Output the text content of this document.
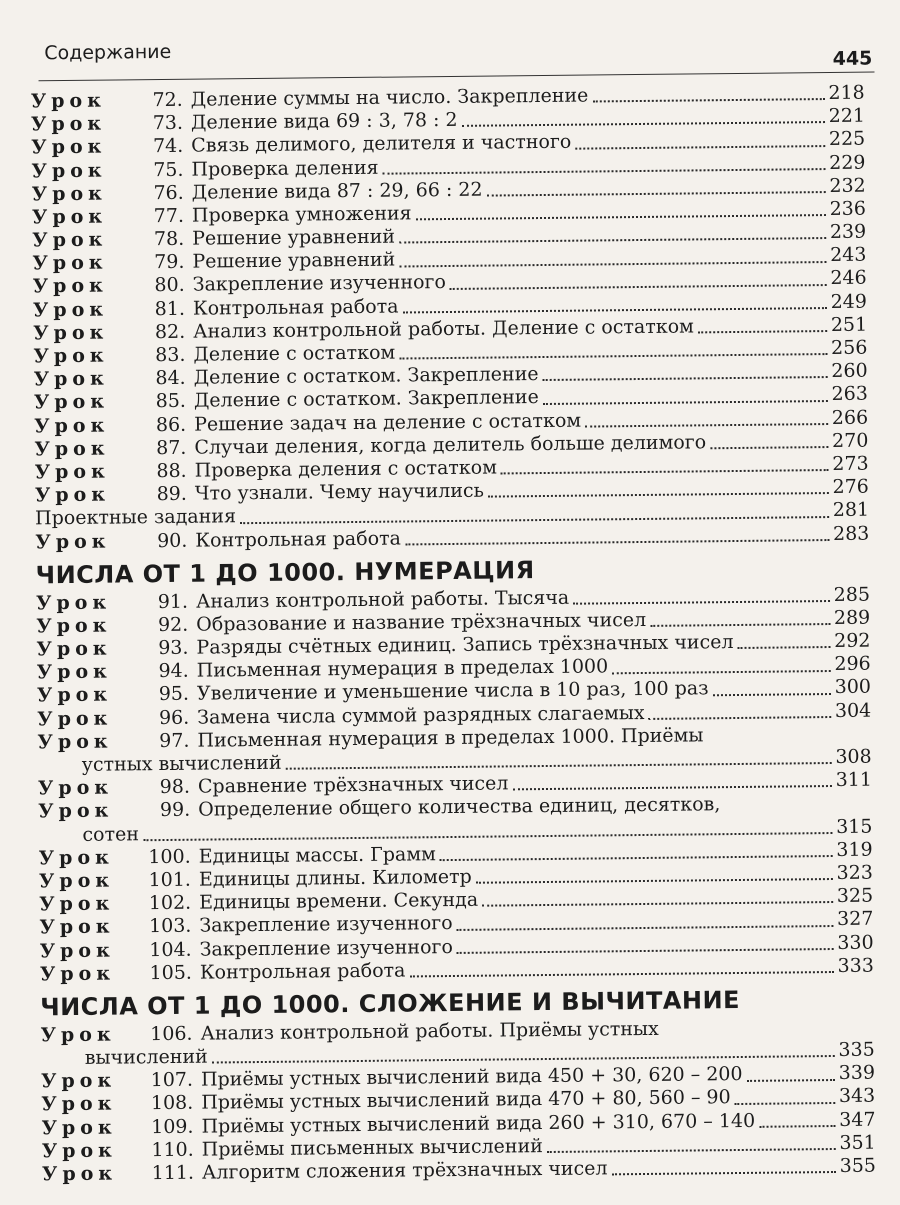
Содержание	445
Урок	72. Деление суммы на число. Закрепление	218
Урок	73. Деление вида 69 : 3, 78 : 2	221
Урок	74. Связь делимого, делителя и частного	225
Урок	75. Проверка деления	229
Урок	76. Деление вида 87 : 29, 66 : 22	232
Урок	77. Проверка умножения	236
Урок	78. Решение уравнений	239
Урок	79. Решение уравнений	243
Урок	80. Закрепление изученного	246
Урок	81. Контрольная работа	249
Урок	82. Анализ контрольной работы. Деление с остатком	251
Урок	83. Деление с остатком	256
Урок	84. Деление с остатком. Закрепление	260
Урок	85. Деление с остатком. Закрепление	263
Урок	86. Решение задач на деление с остатком	266
Урок	87. Случаи деления, когда делитель больше делимого	270
Урок	88. Проверка деления с остатком	273
Урок	89. Что узнали. Чему научились	276
Проектные задания	281
Урок	90. Контрольная работа	283
ЧИСЛА ОТ 1 ДО 1000. НУМЕРАЦИЯ
Урок	91. Анализ контрольной работы. Тысяча	285
Урок	92. Образование и название трёхзначных чисел	289
Урок	93. Разряды счётных единиц. Запись трёхзначных чисел	292
Урок	94. Письменная нумерация в пределах 1000	296
Урок	95. Увеличение и уменьшение числа в 10 раз, 100 раз	300
Урок	96. Замена числа суммой разрядных слагаемых	304
Урок	97. Письменная нумерация в пределах 1000. Приёмы
устных вычислений	308
Урок	98. Сравнение трёхзначных чисел	311
Урок	99. Определение общего количества единиц, десятков,
сотен	315
Урок	100. Единицы массы. Грамм	319
Урок	101. Единицы длины. Километр	323
Урок	102. Единицы времени. Секунда	325
Урок	103. Закрепление изученного	327
Урок	104. Закрепление изученного	330
Урок	105. Контрольная работа	333
ЧИСЛА ОТ 1 ДО 1000. СЛОЖЕНИЕ И ВЫЧИТАНИЕ
Урок	106. Анализ контрольной работы. Приёмы устных
вычислений	335
Урок	107. Приёмы устных вычислений вида 450 + 30, 620 – 200	339
Урок	108. Приёмы устных вычислений вида 470 + 80, 560 – 90	343
Урок	109. Приёмы устных вычислений вида 260 + 310, 670 – 140	347
Урок	110. Приёмы письменных вычислений	351
Урок	111. Алгоритм сложения трёхзначных чисел	355
